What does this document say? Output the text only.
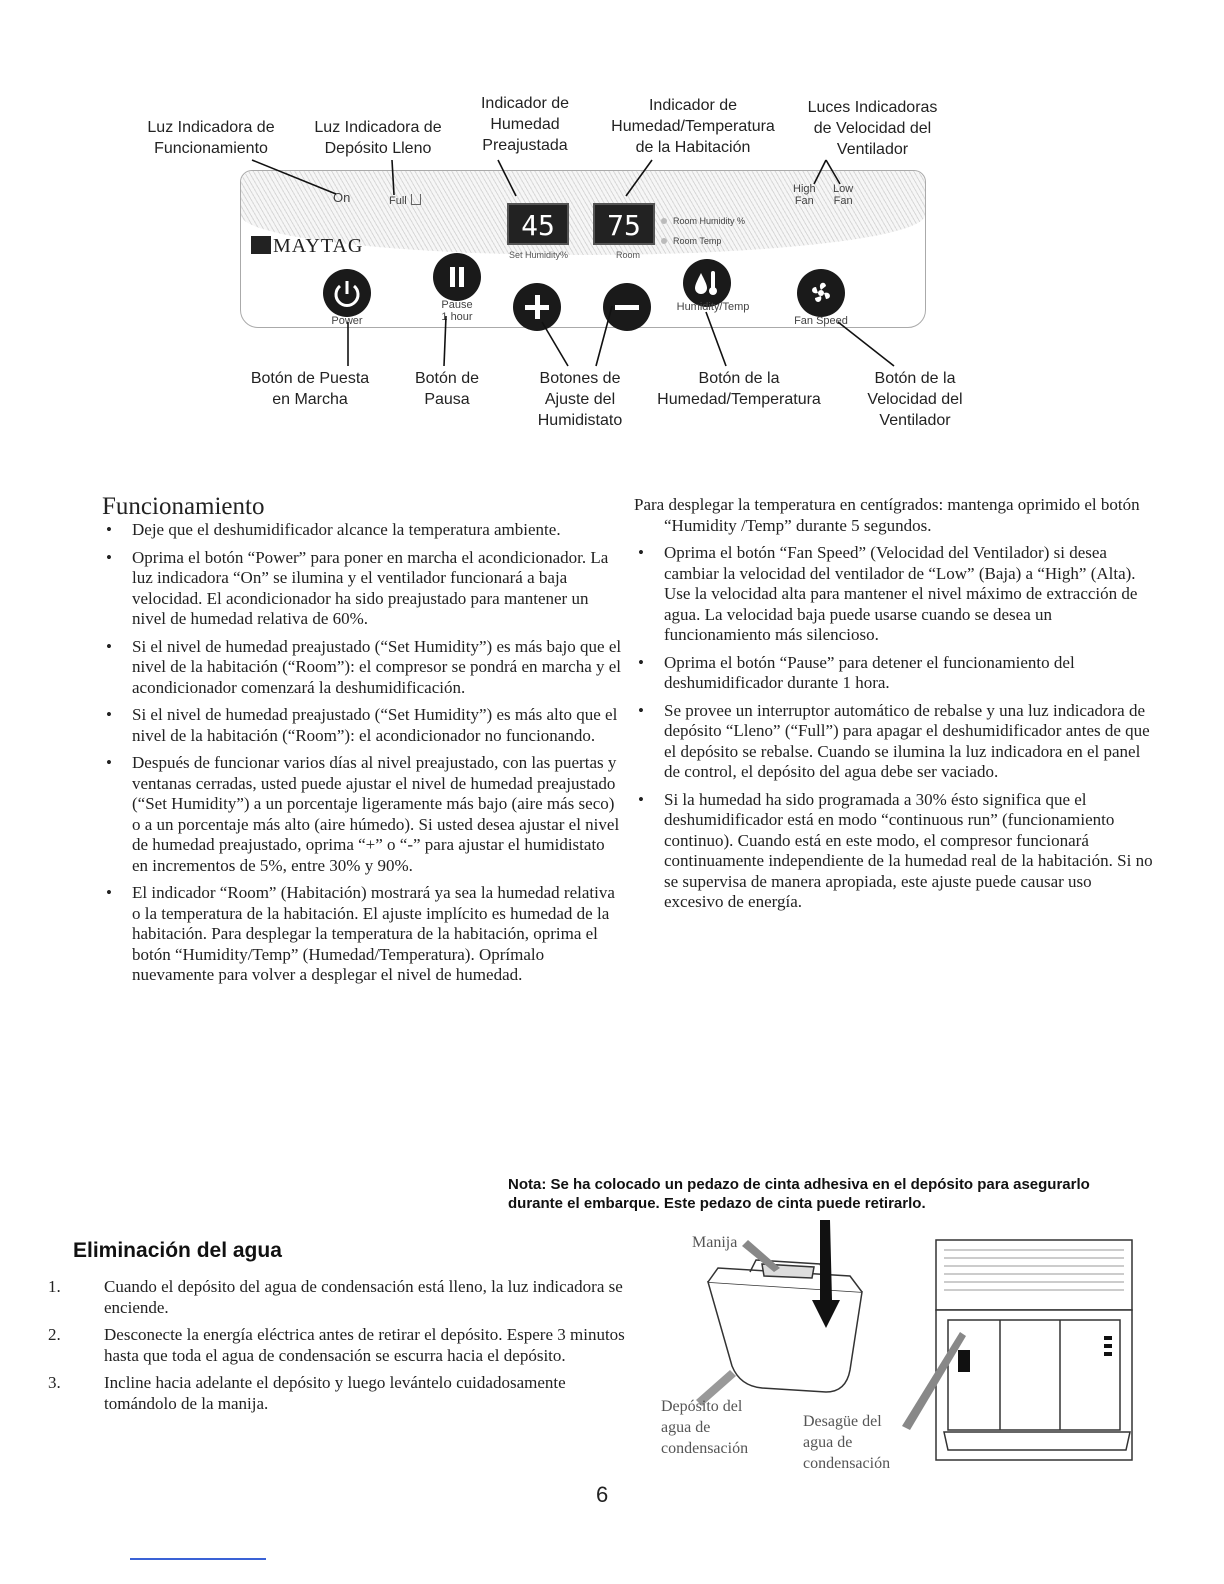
Luz Indicadora de
Funcionamiento
Luz Indicadora de
Depósito Lleno
Indicador de
Humedad
Preajustada
Indicador de
Humedad/Temperatura
de la Habitación
Luces Indicadoras
de Velocidad del
Ventilador
On	Full
45
Set Humidity%
75
Room
Room Humidity %
Room Temp
High
Fan
Low
Fan
MAYTAG
Power
Pause
1 hour
Humidity/Temp
Fan Speed
Botón de Puesta
en Marcha
Botón de
Pausa
Botones de
Ajuste del
Humidistato
Botón de la
Humedad/Temperatura
Botón de la
Velocidad del
Ventilador
Funcionamiento
• Deje que el deshumidificador alcance la temperatura ambiente.
• Oprima el botón “Power” para poner en marcha el acondicionador. La luz indicadora “On” se ilumina y el ventilador funcionará a baja velocidad. El acondicionador ha sido preajustado para mantener un nivel de humedad relativa de 60%.
• Si el nivel de humedad preajustado (“Set Humidity”) es más bajo que el nivel de la habitación (“Room”): el compresor se pondrá en marcha y el acondicionador comenzará la deshumidificación.
• Si el nivel de humedad preajustado (“Set Humidity”) es más alto que el nivel de la habitación (“Room”): el acondicionador no funcionando.
• Después de funcionar varios días al nivel preajustado, con las puertas y ventanas cerradas, usted puede ajustar el nivel de humedad preajustado (“Set Humidity”) a un porcentaje ligeramente más bajo (aire más seco) o a un porcentaje más alto (aire húmedo). Si usted desea ajustar el nivel de humedad preajustado, oprima “+” o “-” para ajustar el humidistato en incrementos de 5%, entre 30% y 90%.
• El indicador “Room” (Habitación) mostrará ya sea la humedad relativa o la temperatura de la habitación. El ajuste implícito es humedad de la habitación. Para desplegar la temperatura de la habitación, oprima el botón “Humidity/Temp” (Humedad/Temperatura). Oprímalo nuevamente para volver a desplegar el nivel de humedad.

Para desplegar la temperatura en centígrados: mantenga oprimido el botón “Humidity /Temp” durante 5 segundos.

• Oprima el botón “Fan Speed” (Velocidad del Ventilador) si desea cambiar la velocidad del ventilador de “Low” (Baja) a “High” (Alta). Use la velocidad alta para mantener el nivel máximo de extracción de agua. La velocidad baja puede usarse cuando se desea un funcionamiento más silencioso.
• Oprima el botón “Pause” para detener el funcionamiento del deshumidificador durante 1 hora.
• Se provee un interruptor automático de rebalse y una luz indicadora de depósito “Lleno” (“Full”) para apagar el deshumidificador antes de que el depósito se rebalse. Cuando se ilumina la luz indicadora en el panel de control, el depósito del agua debe ser vaciado.
• Si la humedad ha sido programada a 30% ésto significa que el deshumidificador está en modo “continuous run” (funcionamiento continuo). Cuando está en este modo, el compresor funcionará continuamente independiente de la humedad real de la habitación. Si no se supervisa de manera apropiada, este ajuste puede causar uso excesivo de energía.
Nota: Se ha colocado un pedazo de cinta adhesiva en el depósito para asegurarlo durante el embarque. Este pedazo de cinta puede retirarlo.
Eliminación del agua
1.	Cuando el depósito del agua de condensación está lleno, la luz indicadora se enciende.
2.	Desconecte la energía eléctrica antes de retirar el depósito. Espere 3 minutos hasta que toda el agua de condensación se escurra hacia el depósito.
3.	Incline hacia adelante el depósito y luego levántelo cuidadosamente tomándolo de la manija.
Manija
Depósito del
agua de
condensación
Desagüe del
agua de
condensación
6
